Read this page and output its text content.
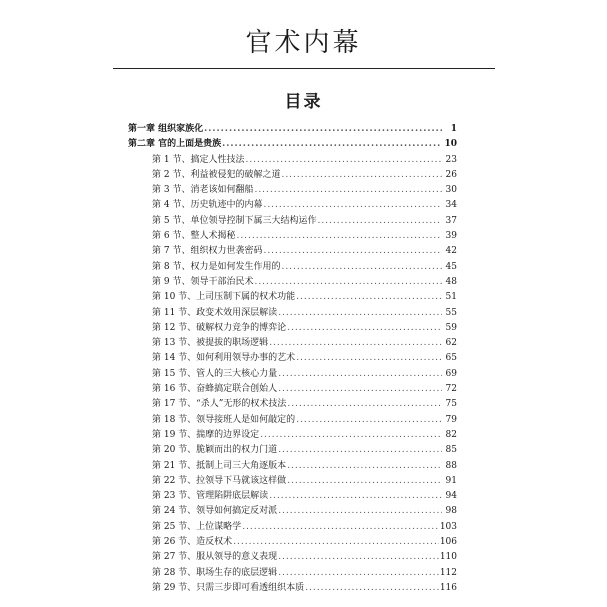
官术内幕
目录
第一章 组织家族化 .....	1
第二章 官的上面是贵族 .....	10
第 1 节、搞定人性技法 .....	23
第 2 节、利益被侵犯的破解之道 .....	26
第 3 节、消老该如何翻船 .....	30
第 4 节、历史轨迹中的内幕 .....	34
第 5 节、单位领导控制下属三大结构运作 .....	37
第 6 节、整人术揭秘 .....	39
第 7 节、组织权力世袭密码 .....	42
第 8 节、权力是如何发生作用的 .....	45
第 9 节、领导干部治民术 .....	48
第 10 节、上司压制下属的权术功能 .....	51
第 11 节、政变术效用深层解读 .....	55
第 12 节、破解权力竞争的博弈论 .....	59
第 13 节、被提拔的职场逻辑 .....	62
第 14 节、如何利用领导办事的艺术 .....	65
第 15 节、管人的三大核心力量 .....	69
第 16 节、奋蜂搞定联合创始人 .....	72
第 17 节、“杀人”无形的权术技法 .....	75
第 18 节、领导接班人是如何敲定的 .....	79
第 19 节、揣摩的边界设定 .....	82
第 20 节、脆颖而出的权力门道 .....	85
第 21 节、抵制上司三大角逐版本 .....	88
第 22 节、拉领导下马就该这样做 .....	91
第 23 节、管理陷阱底层解读 .....	94
第 24 节、领导如何搞定反对派 .....	98
第 25 节、上位谋略学 .....	103
第 26 节、造反权术 .....	106
第 27 节、服从领导的意义表现 .....	110
第 28 节、职场生存的底层逻辑 .....	112
第 29 节、只需三步即可看透组织本质 .....	116
